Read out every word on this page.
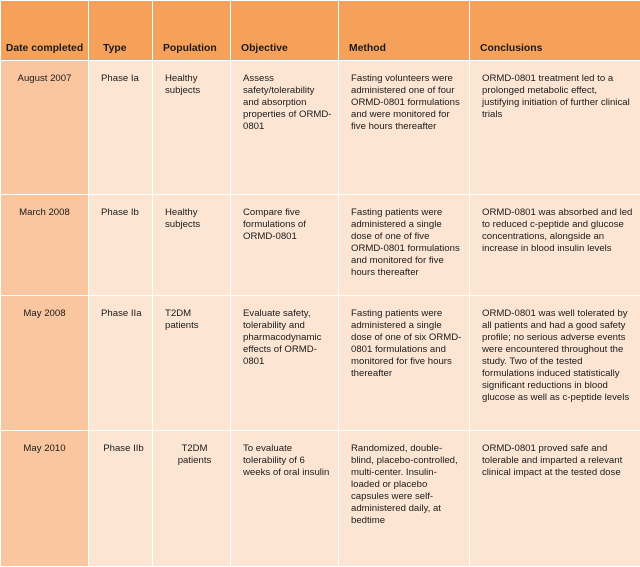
Date completed	Type	Population	Objective	Method	Conclusions
August 2007	Phase Ia	Healthy subjects	Assess safety/tolerability and absorption properties of ORMD-0801	Fasting volunteers were administered one of four ORMD-0801 formulations and were monitored for five hours thereafter	ORMD-0801 treatment led to a prolonged metabolic effect, justifying initiation of further clinical trials
March 2008	Phase Ib	Healthy subjects	Compare five formulations of ORMD-0801	Fasting patients were administered a single dose of one of five ORMD-0801 formulations and monitored for five hours thereafter	ORMD-0801 was absorbed and led to reduced c-peptide and glucose concentrations, alongside an increase in blood insulin levels
May 2008	Phase IIa	T2DM patients	Evaluate safety, tolerability and pharmacodynamic effects of ORMD-0801	Fasting patients were administered a single dose of one of six ORMD-0801 formulations and monitored for five hours thereafter	ORMD-0801 was well tolerated by all patients and had a good safety profile; no serious adverse events were encountered throughout the study. Two of the tested formulations induced statistically significant reductions in blood glucose as well as c-peptide levels
May 2010	Phase IIb	T2DM patients	To evaluate tolerability of 6 weeks of oral insulin	Randomized, double-blind, placebo-controlled, multi-center. Insulin-loaded or placebo capsules were self-administered daily, at bedtime	ORMD-0801 proved safe and tolerable and imparted a relevant clinical impact at the tested dose
